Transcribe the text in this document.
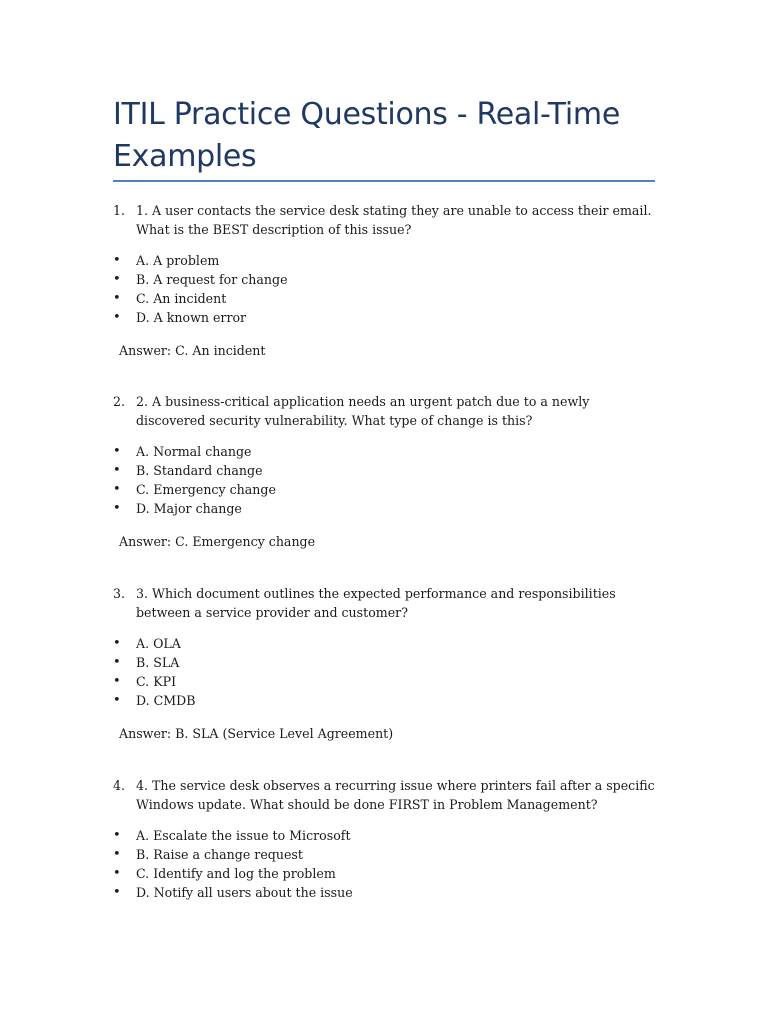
ITIL Practice Questions - Real-Time Examples

1. 1. A user contacts the service desk stating they are unable to access their email. What is the BEST description of this issue?

• A. A problem
• B. A request for change
• C. An incident
• D. A known error

Answer: C. An incident

2. 2. A business-critical application needs an urgent patch due to a newly discovered security vulnerability. What type of change is this?

• A. Normal change
• B. Standard change
• C. Emergency change
• D. Major change

Answer: C. Emergency change

3. 3. Which document outlines the expected performance and responsibilities between a service provider and customer?

• A. OLA
• B. SLA
• C. KPI
• D. CMDB

Answer: B. SLA (Service Level Agreement)

4. 4. The service desk observes a recurring issue where printers fail after a specific Windows update. What should be done FIRST in Problem Management?

• A. Escalate the issue to Microsoft
• B. Raise a change request
• C. Identify and log the problem
• D. Notify all users about the issue
